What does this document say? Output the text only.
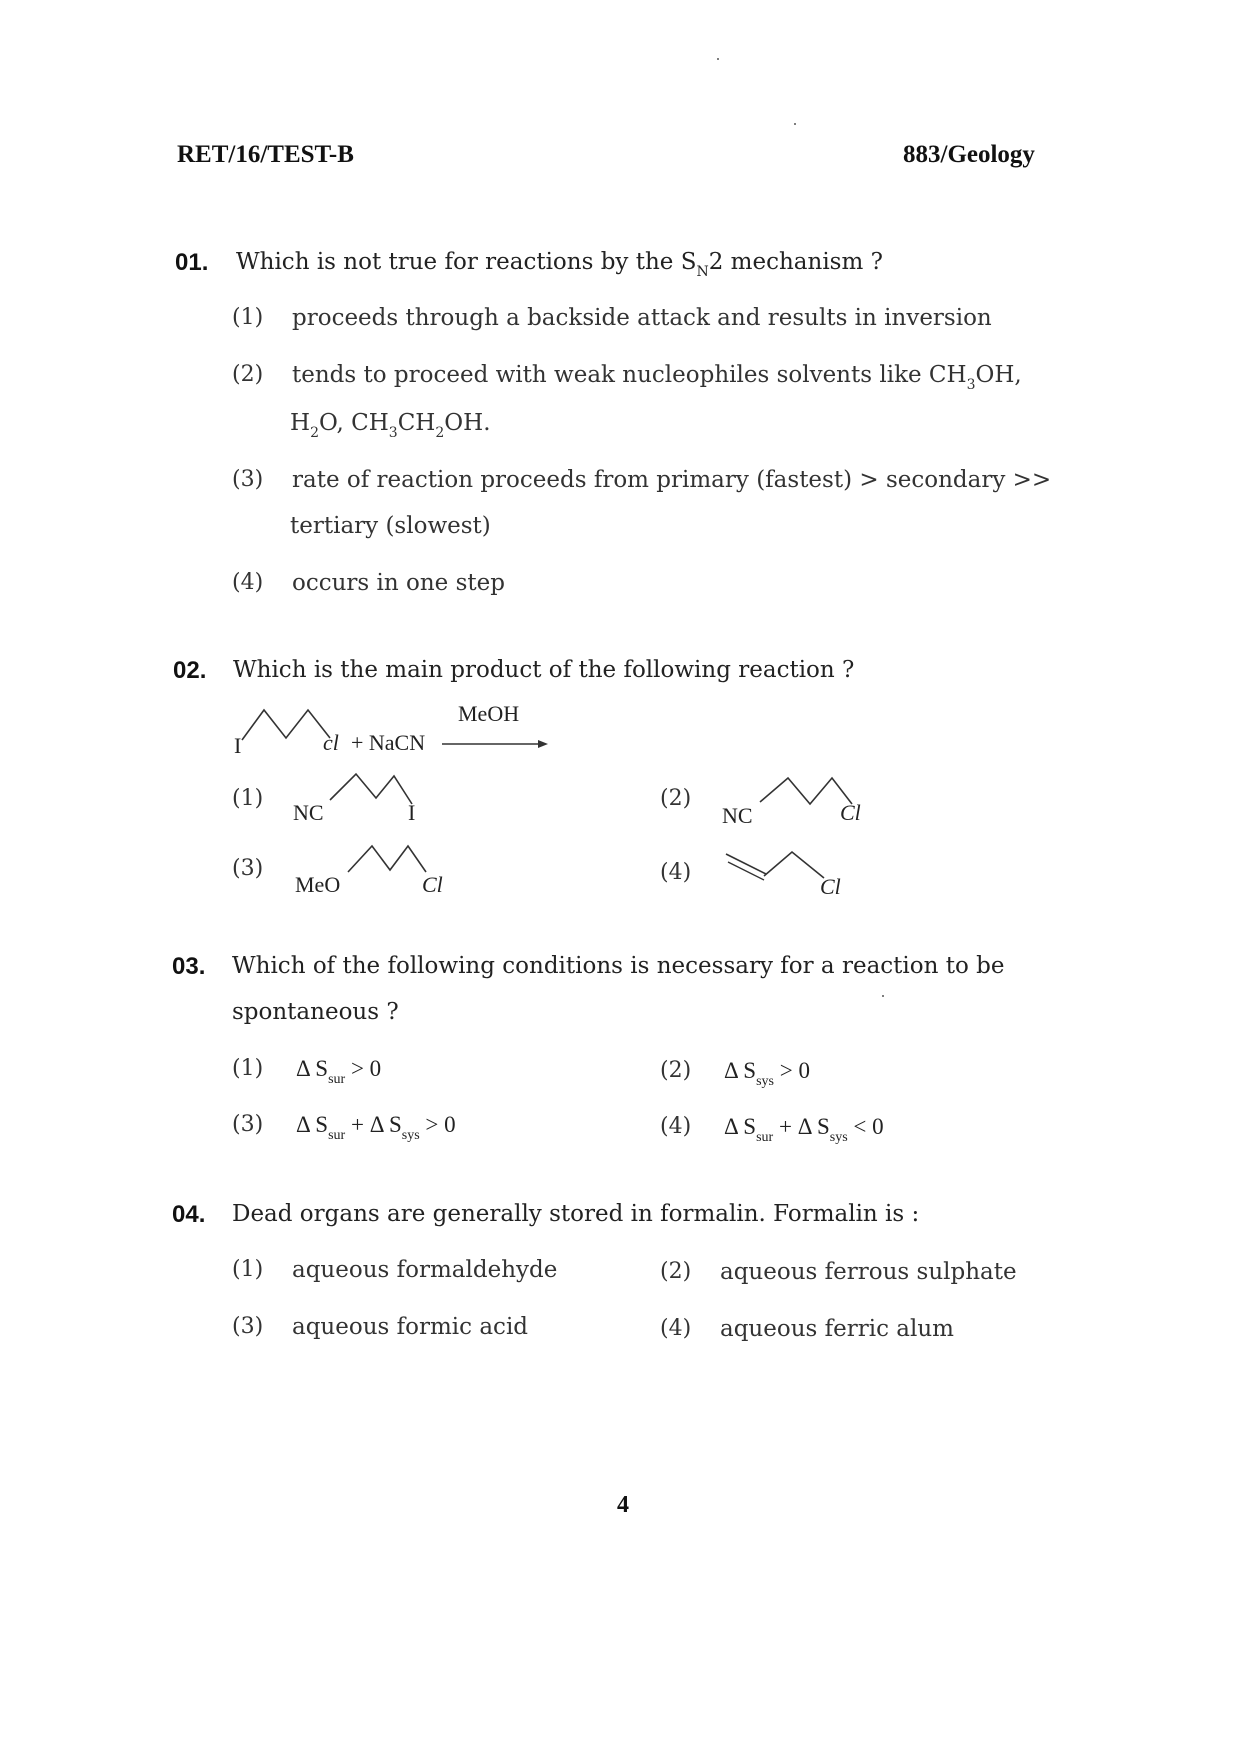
RET/16/TEST-B	883/Geology
01. Which is not true for reactions by the $S_N2$ mechanism ?
(1) proceeds through a backside attack and results in inversion
(2) tends to proceed with weak nucleophiles solvents like $CH_3OH$,
$H_2O$, $CH_3CH_2OH$.
(3) rate of reaction proceeds from primary (fastest) > secondary >>
tertiary (slowest)
(4) occurs in one step
02. Which is the main product of the following reaction ?
I	cl + NaCN
MeOH
(1)
NC	I
(2)
NC	Cl
(3)
MeO	Cl	(4)
Cl
03. Which of the following conditions is necessary for a reaction to be
spontaneous ?
(1) Δ $S_{sur} > 0$	(2) Δ $S_{sys} > 0$
(3) Δ $S_{sur} + \Delta$ $S_{sys} > 0$	(4) Δ $S_{sur} + \Delta$ $S_{sys} < 0$
04. Dead organs are generally stored in formalin. Formalin is :
(1) aqueous formaldehyde	(2) aqueous ferrous sulphate
(3) aqueous formic acid	(4) aqueous ferric alum
4
